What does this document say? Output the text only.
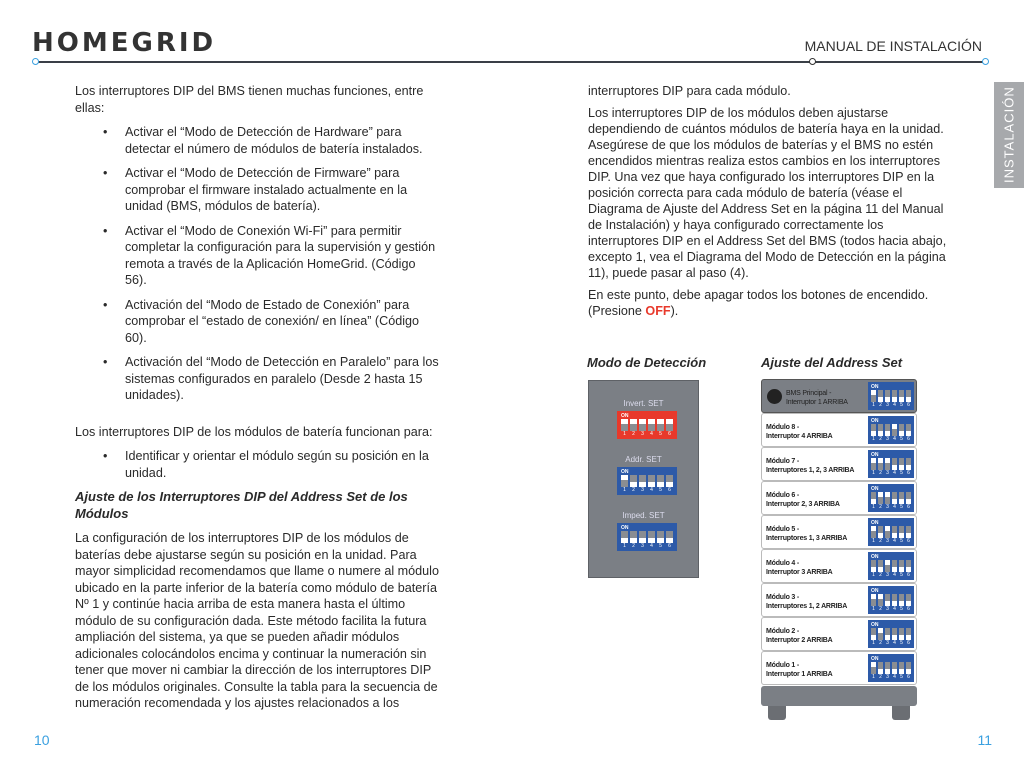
HOMEGRID	MANUAL DE INSTALACIÓN
INSTALACIÓN

Los interruptores DIP del BMS tienen muchas funciones, entre ellas:

• Activar el “Modo de Detección de Hardware” para detectar el número de módulos de batería instalados.
• Activar el “Modo de Detección de Firmware” para comprobar el firmware instalado actualmente en la unidad (BMS, módulos de batería).
• Activar el “Modo de Conexión Wi-Fi” para permitir completar la configuración para la supervisión y gestión remota a través de la Aplicación HomeGrid. (Código 56).
• Activación del “Modo de Estado de Conexión” para comprobar el “estado de conexión/ en línea” (Código 60).
• Activación del “Modo de Detección en Paralelo” para los sistemas configurados en paralelo (Desde 2 hasta 15 unidades).

Los interruptores DIP de los módulos de batería funcionan para:

• Identificar y orientar el módulo según su posición en la unidad.
Ajuste de los Interruptores DIP del Address Set de los Módulos

La configuración de los interruptores DIP de los módulos de baterías debe ajustarse según su posición en la unidad. Para mayor simplicidad recomendamos que llame o numere al módulo ubicado en la parte inferior de la batería como módulo de batería Nº 1 y continúe hacia arriba de esta manera hasta el último módulo de su configuración dada. Este método facilita la futura ampliación del sistema, ya que se pueden añadir módulos adicionales colocándolos encima y continuar la numeración sin tener que mover ni cambiar la dirección de los interruptores DIP de los módulos originales. Consulte la tabla para la secuencia de numeración recomendada y los ajustes relacionados a los

interruptores DIP para cada módulo.

Los interruptores DIP de los módulos deben ajustarse dependiendo de cuántos módulos de batería haya en la unidad. Asegúrese de que los módulos de baterías y el BMS no estén encendidos mientras realiza estos cambios en los interruptores DIP. Una vez que haya configurado los interruptores DIP en la posición correcta para cada módulo de batería (véase el Diagrama de Ajuste del Address Set en la página 11 del Manual de Instalación) y haya configurado correctamente los interruptores DIP en el Address Set del BMS (todos hacia abajo, excepto 1, vea el Diagrama del Modo de Detección en la página 11), puede pasar al paso (4).

En este punto, debe apagar todos los botones de encendido. (Presione OFF).

Modo de Detección	Ajuste del Address Set
Invert. SET
ON
1	2	3	4	5	6
Addr. SET
ON
1	2	3	4	5	6
Imped. SET
ON
1	2	3	4	5	6
BMS Principal -
Interruptor 1 ARRIBA
ON
1 2 3 4 5 6
Módulo 8 -
Interruptor 4 ARRIBA
ON
1 2 3 4 5 6
Módulo 7 -
Interruptores 1, 2, 3 ARRIBA
ON
1 2 3 4 5 6
Módulo 6 -
Interruptor 2, 3 ARRIBA
ON
1 2 3 4 5 6
Módulo 5 -
Interruptores 1, 3 ARRIBA
ON
1 2 3 4 5 6
Módulo 4 -
Interruptor 3 ARRIBA
ON
1 2 3 4 5 6
Módulo 3 -
Interruptores 1, 2 ARRIBA
ON
1 2 3 4 5 6
Módulo 2 -
Interruptor 2 ARRIBA
ON
1 2 3 4 5 6
Módulo 1 -
Interruptor 1 ARRIBA
ON
1 2 3 4 5 6
10	11
